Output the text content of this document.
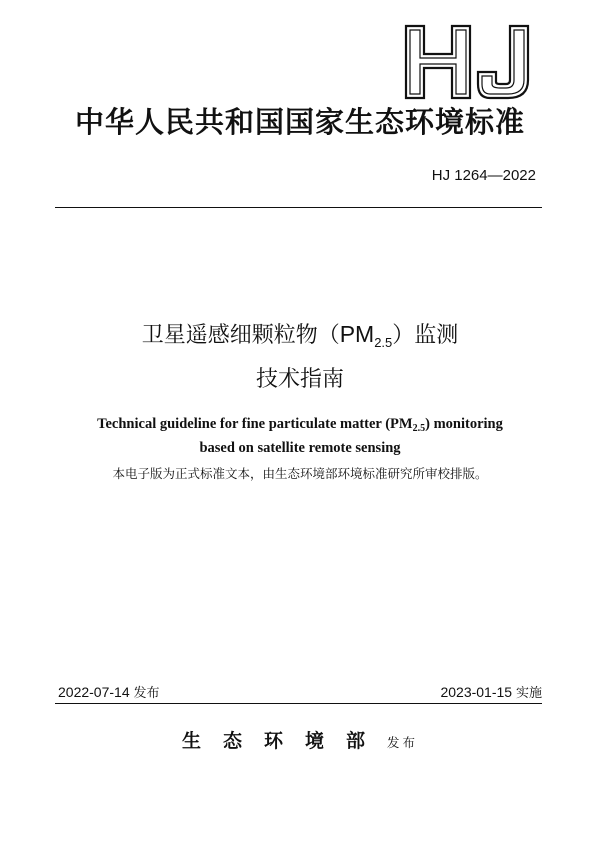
中华人民共和国国家生态环境标准
HJ 1264—2022
卫星遥感细颗粒物$(PM_{2.5})$监测
技术指南
Technical guideline for fine particulate matter $(PM_{2.5})$ monitoring
based on satellite remote sensing
本电子版为正式标准文本，由生态环境部环境标准研究所审校排版。
2022-07-14 发布	2023-01-15 实施
生态环境部发布
